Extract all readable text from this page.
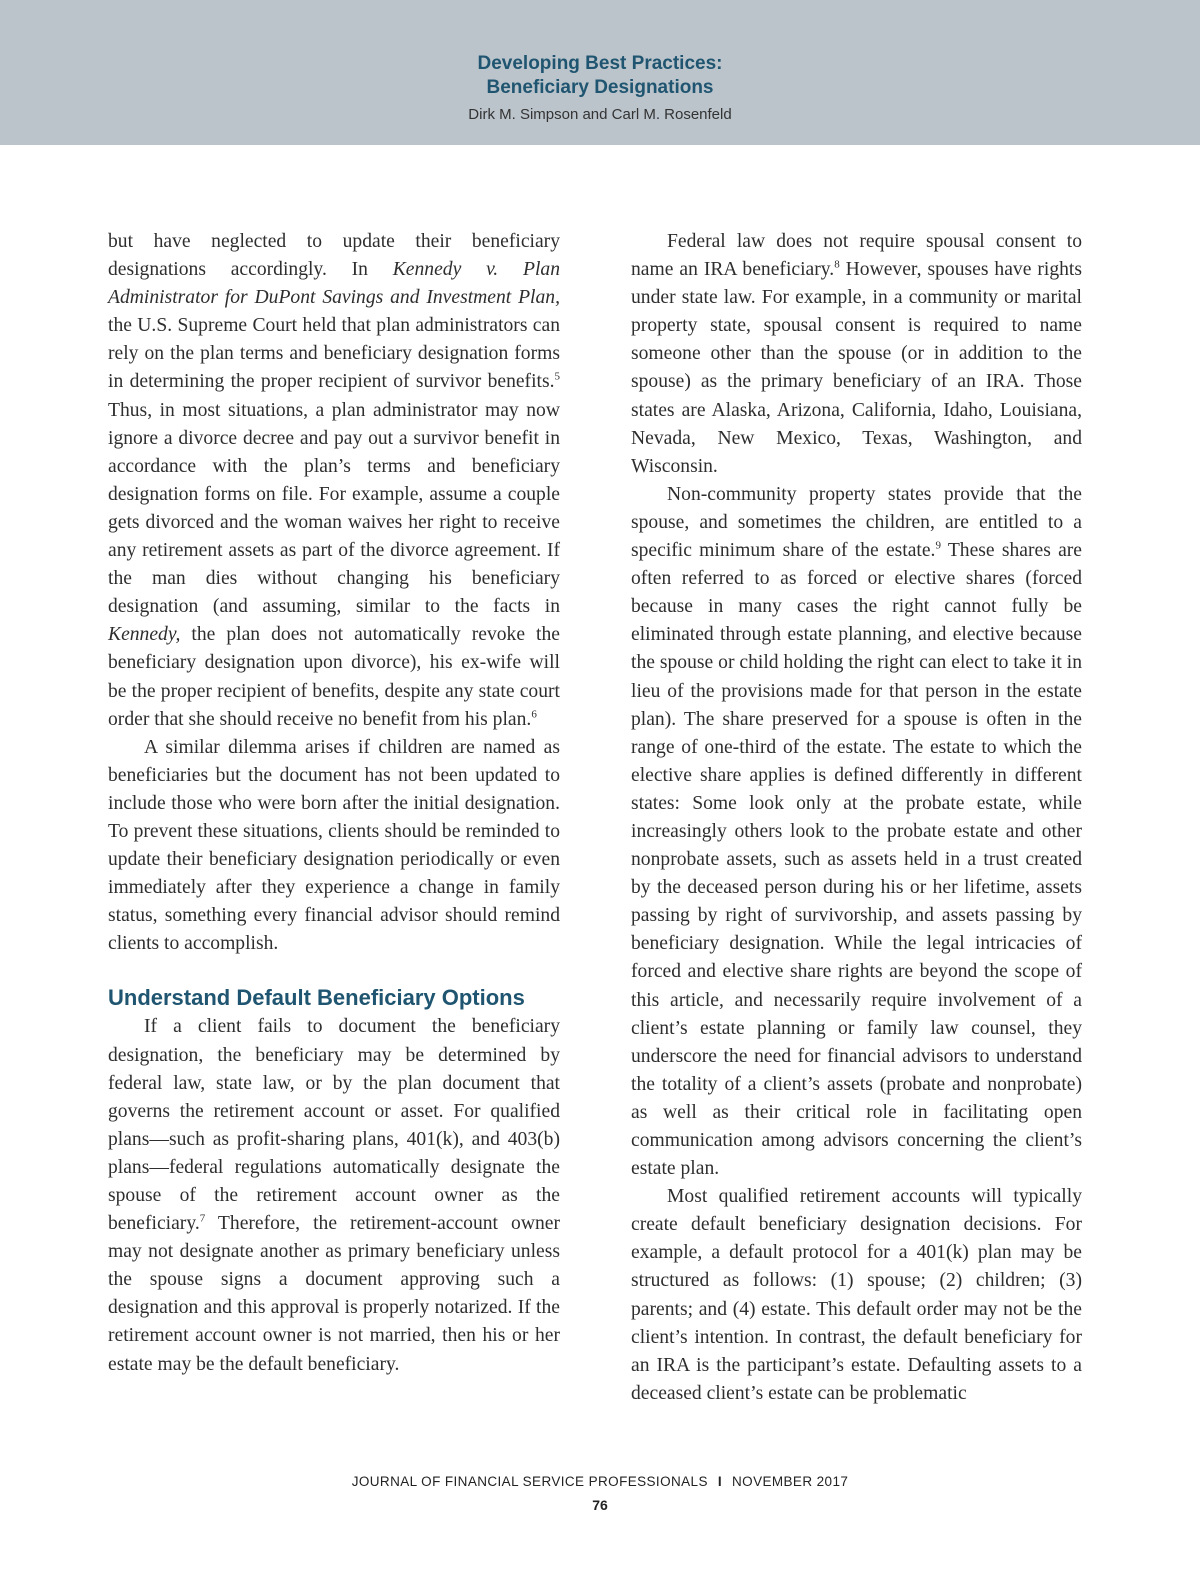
Developing Best Practices:
Beneficiary Designations
Dirk M. Simpson and Carl M. Rosenfeld

but have neglected to update their beneficiary designations accordingly. In Kennedy v. Plan Administrator for DuPont Savings and Investment Plan, the U.S. Supreme Court held that plan administrators can rely on the plan terms and beneficiary designation forms in determining the proper recipient of survivor benefits.$^5$ Thus, in most situations, a plan administrator may now ignore a divorce decree and pay out a survivor benefit in accordance with the plan’s terms and beneficiary designation forms on file. For example, assume a couple gets divorced and the woman waives her right to receive any retirement assets as part of the divorce agreement. If the man dies without changing his beneficiary designation (and assuming, similar to the facts in Kennedy, the plan does not automatically revoke the beneficiary designation upon divorce), his ex-wife will be the proper recipient of benefits, despite any state court order that she should receive no benefit from his plan.$^6$

A similar dilemma arises if children are named as beneficiaries but the document has not been updated to include those who were born after the initial designation. To prevent these situations, clients should be reminded to update their beneficiary designation periodically or even immediately after they experience a change in family status, something every financial advisor should remind clients to accomplish.

Understand Default Beneficiary Options

If a client fails to document the beneficiary designation, the beneficiary may be determined by federal law, state law, or by the plan document that governs the retirement account or asset. For qualified plans—such as profit-sharing plans, 401(k), and 403(b) plans—federal regulations automatically designate the spouse of the retirement account owner as the beneficiary.$^7$ Therefore, the retirement-account owner may not designate another as primary beneficiary unless the spouse signs a document approving such a designation and this approval is properly notarized. If the retirement account owner is not married, then his or her estate may be the default beneficiary.

Federal law does not require spousal consent to name an IRA beneficiary.$^8$ However, spouses have rights under state law. For example, in a community or marital property state, spousal consent is required to name someone other than the spouse (or in addition to the spouse) as the primary beneficiary of an IRA. Those states are Alaska, Arizona, California, Idaho, Louisiana, Nevada, New Mexico, Texas, Washington, and Wisconsin.

Non-community property states provide that the spouse, and sometimes the children, are entitled to a specific minimum share of the estate.$^9$ These shares are often referred to as forced or elective shares (forced because in many cases the right cannot fully be eliminated through estate planning, and elective because the spouse or child holding the right can elect to take it in lieu of the provisions made for that person in the estate plan). The share preserved for a spouse is often in the range of one-third of the estate. The estate to which the elective share applies is defined differently in different states: Some look only at the probate estate, while increasingly others look to the probate estate and other nonprobate assets, such as assets held in a trust created by the deceased person during his or her lifetime, assets passing by right of survivorship, and assets passing by beneficiary designation. While the legal intricacies of forced and elective share rights are beyond the scope of this article, and necessarily require involvement of a client’s estate planning or family law counsel, they underscore the need for financial advisors to understand the totality of a client’s assets (probate and nonprobate) as well as their critical role in facilitating open communication among advisors concerning the client’s estate plan.

Most qualified retirement accounts will typically create default beneficiary designation decisions. For example, a default protocol for a 401(k) plan may be structured as follows: (1) spouse; (2) children; (3) parents; and (4) estate. This default order may not be the client’s intention. In contrast, the default beneficiary for an IRA is the participant’s estate. Defaulting assets to a deceased client’s estate can be problematic

JOURNAL OF FINANCIAL SERVICE PROFESSIONALS I NOVEMBER 2017
76
